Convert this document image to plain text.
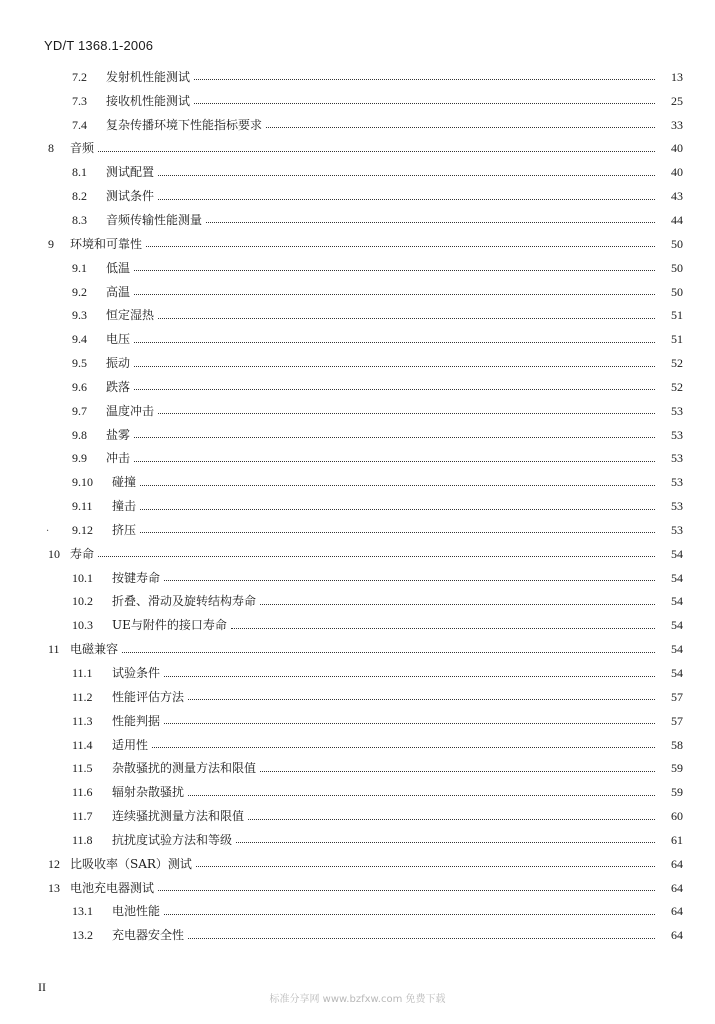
YD/T 1368.1-2006
7.2	发射机性能测试	13
7.3	接收机性能测试	25
7.4	复杂传播环境下性能指标要求	33
8	音频	40
8.1	测试配置	40
8.2	测试条件	43
8.3	音频传输性能测量	44
9	环境和可靠性	50
9.1	低温	50
9.2	高温	50
9.3	恒定湿热	51
9.4	电压	51
9.5	振动	52
9.6	跌落	52
9.7	温度冲击	53
9.8	盐雾	53
9.9	冲击	53
9.10	碰撞	53
9.11	撞击	53
9.12	挤压	53
10 寿命	54
10.1	按键寿命	54
10.2	折叠、滑动及旋转结构寿命	54
10.3	UE与附件的接口寿命	54
11 电磁兼容	54
11.1	试验条件	54
11.2	性能评估方法	57
11.3	性能判据	57
11.4	适用性	58
11.5	杂散骚扰的测量方法和限值	59
11.6	辐射杂散骚扰	59
11.7	连续骚扰测量方法和限值	60
11.8	抗扰度试验方法和等级	61
12 比吸收率（SAR）测试	64
13 电池充电器测试	64
13.1	电池性能	64
13.2	充电器安全性	64
·
II
标准分享网 www.bzfxw.com 免费下载
